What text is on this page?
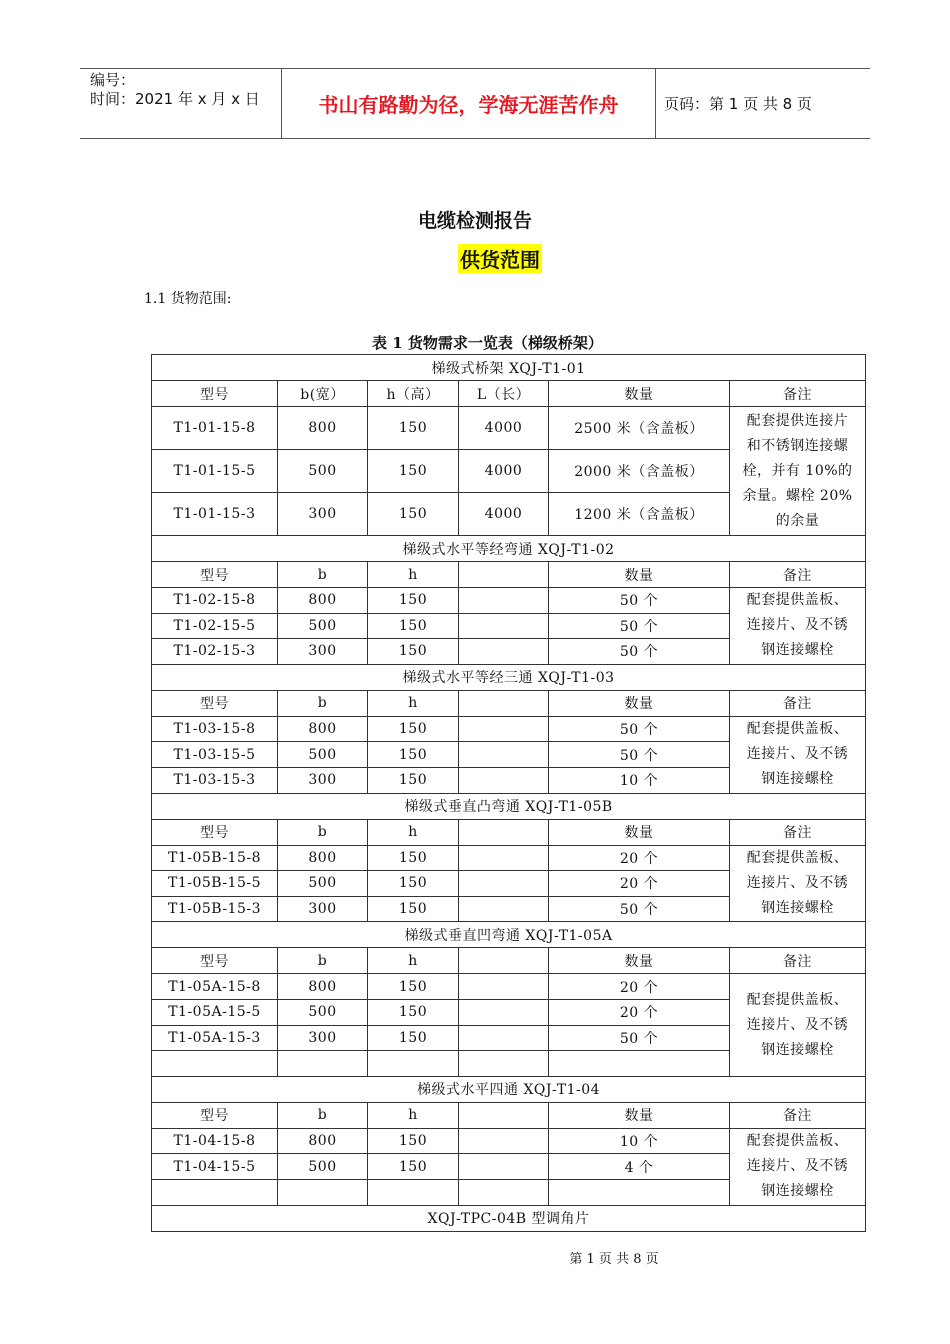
编号：
时间：2021 年 x 月 x 日	书山有路勤为径，学海无涯苦作舟	页码：第 1 页 共 8 页
电缆检测报告
供货范围
1.1 货物范围:
表 1 货物需求一览表（梯级桥架）
梯级式桥架 XQJ-T1-01					
型号	b(宽）	h（高）	L（长）	数量	备注
T1-01-15-8	800	150	4000	2500 米（含盖板）	配套提供连接片
和不锈钢连接螺
栓，并有 10%的
余量。螺栓 20%
的余量

T1-01-15-5	500	150	4000	2000 米（含盖板）	
T1-01-15-3	300	150	4000	1200 米（含盖板）	
梯级式水平等经弯通 XQJ-T1-02					
型号	b	h		数量	备注
T1-02-15-8	800	150		50 个	配套提供盖板、
连接片、及不锈
钢连接螺栓

T1-02-15-5	500	150		50 个	
T1-02-15-3	300	150		50 个	
梯级式水平等经三通 XQJ-T1-03					
型号	b	h		数量	备注
T1-03-15-8	800	150		50 个	配套提供盖板、
连接片、及不锈
钢连接螺栓

T1-03-15-5	500	150		50 个	
T1-03-15-3	300	150		10 个	
梯级式垂直凸弯通 XQJ-T1-05B					
型号	b	h		数量	备注
T1-05B-15-8	800	150		20 个	配套提供盖板、
连接片、及不锈
钢连接螺栓

T1-05B-15-5	500	150		20 个	
T1-05B-15-3	300	150		50 个	
梯级式垂直凹弯通 XQJ-T1-05A					
型号	b	h		数量	备注
T1-05A-15-8	800	150		20 个	配套提供盖板、
连接片、及不锈
钢连接螺栓

T1-05A-15-5	500	150		20 个	
T1-05A-15-3	300	150		50 个	

梯级式水平四通 XQJ-T1-04					
型号	b	h		数量	备注
T1-04-15-8	800	150		10 个	配套提供盖板、
连接片、及不锈
钢连接螺栓

T1-04-15-5	500	150		4 个	

XQJ-TPC-04B 型调角片					
第 1 页 共 8 页
